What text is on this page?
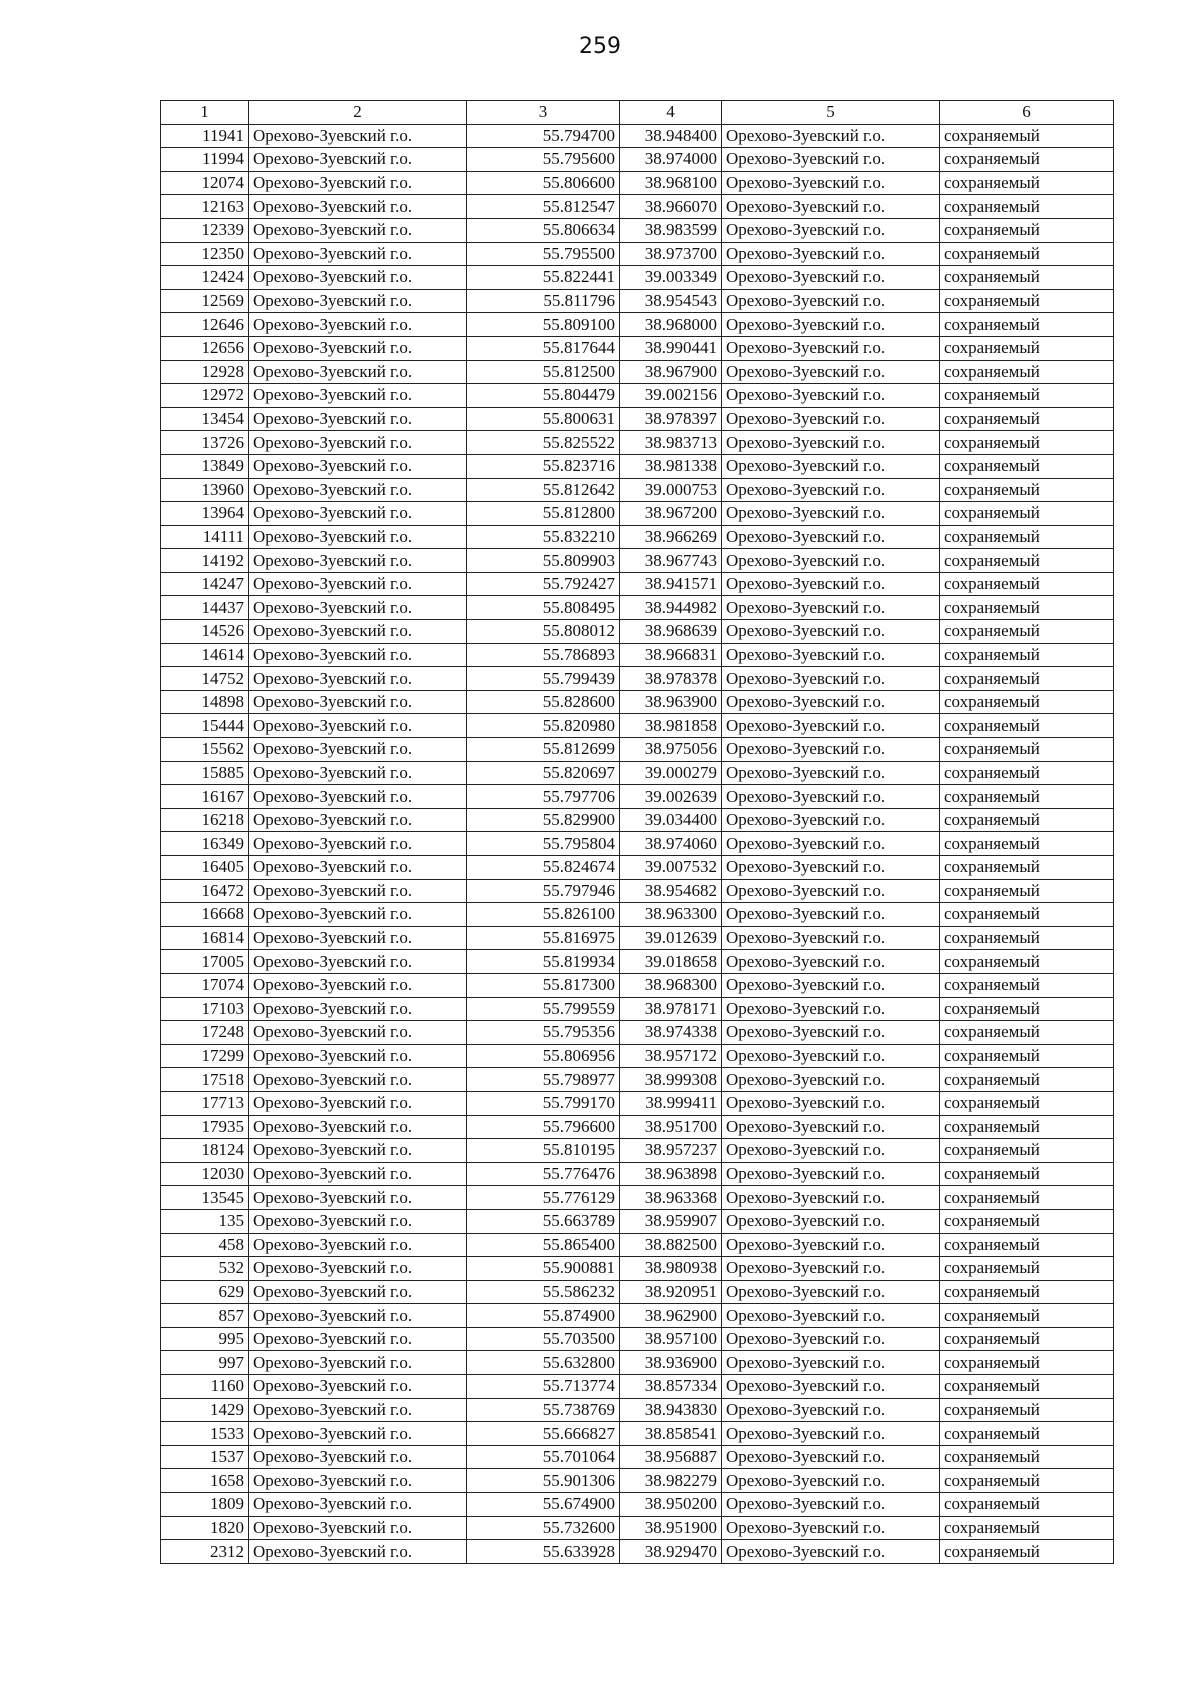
259
1	2	3	4	5	6
11941	Орехово-Зуевский г.о.	55.794700	38.948400	Орехово-Зуевский г.о.	сохраняемый
11994	Орехово-Зуевский г.о.	55.795600	38.974000	Орехово-Зуевский г.о.	сохраняемый
12074	Орехово-Зуевский г.о.	55.806600	38.968100	Орехово-Зуевский г.о.	сохраняемый
12163	Орехово-Зуевский г.о.	55.812547	38.966070	Орехово-Зуевский г.о.	сохраняемый
12339	Орехово-Зуевский г.о.	55.806634	38.983599	Орехово-Зуевский г.о.	сохраняемый
12350	Орехово-Зуевский г.о.	55.795500	38.973700	Орехово-Зуевский г.о.	сохраняемый
12424	Орехово-Зуевский г.о.	55.822441	39.003349	Орехово-Зуевский г.о.	сохраняемый
12569	Орехово-Зуевский г.о.	55.811796	38.954543	Орехово-Зуевский г.о.	сохраняемый
12646	Орехово-Зуевский г.о.	55.809100	38.968000	Орехово-Зуевский г.о.	сохраняемый
12656	Орехово-Зуевский г.о.	55.817644	38.990441	Орехово-Зуевский г.о.	сохраняемый
12928	Орехово-Зуевский г.о.	55.812500	38.967900	Орехово-Зуевский г.о.	сохраняемый
12972	Орехово-Зуевский г.о.	55.804479	39.002156	Орехово-Зуевский г.о.	сохраняемый
13454	Орехово-Зуевский г.о.	55.800631	38.978397	Орехово-Зуевский г.о.	сохраняемый
13726	Орехово-Зуевский г.о.	55.825522	38.983713	Орехово-Зуевский г.о.	сохраняемый
13849	Орехово-Зуевский г.о.	55.823716	38.981338	Орехово-Зуевский г.о.	сохраняемый
13960	Орехово-Зуевский г.о.	55.812642	39.000753	Орехово-Зуевский г.о.	сохраняемый
13964	Орехово-Зуевский г.о.	55.812800	38.967200	Орехово-Зуевский г.о.	сохраняемый
14111	Орехово-Зуевский г.о.	55.832210	38.966269	Орехово-Зуевский г.о.	сохраняемый
14192	Орехово-Зуевский г.о.	55.809903	38.967743	Орехово-Зуевский г.о.	сохраняемый
14247	Орехово-Зуевский г.о.	55.792427	38.941571	Орехово-Зуевский г.о.	сохраняемый
14437	Орехово-Зуевский г.о.	55.808495	38.944982	Орехово-Зуевский г.о.	сохраняемый
14526	Орехово-Зуевский г.о.	55.808012	38.968639	Орехово-Зуевский г.о.	сохраняемый
14614	Орехово-Зуевский г.о.	55.786893	38.966831	Орехово-Зуевский г.о.	сохраняемый
14752	Орехово-Зуевский г.о.	55.799439	38.978378	Орехово-Зуевский г.о.	сохраняемый
14898	Орехово-Зуевский г.о.	55.828600	38.963900	Орехово-Зуевский г.о.	сохраняемый
15444	Орехово-Зуевский г.о.	55.820980	38.981858	Орехово-Зуевский г.о.	сохраняемый
15562	Орехово-Зуевский г.о.	55.812699	38.975056	Орехово-Зуевский г.о.	сохраняемый
15885	Орехово-Зуевский г.о.	55.820697	39.000279	Орехово-Зуевский г.о.	сохраняемый
16167	Орехово-Зуевский г.о.	55.797706	39.002639	Орехово-Зуевский г.о.	сохраняемый
16218	Орехово-Зуевский г.о.	55.829900	39.034400	Орехово-Зуевский г.о.	сохраняемый
16349	Орехово-Зуевский г.о.	55.795804	38.974060	Орехово-Зуевский г.о.	сохраняемый
16405	Орехово-Зуевский г.о.	55.824674	39.007532	Орехово-Зуевский г.о.	сохраняемый
16472	Орехово-Зуевский г.о.	55.797946	38.954682	Орехово-Зуевский г.о.	сохраняемый
16668	Орехово-Зуевский г.о.	55.826100	38.963300	Орехово-Зуевский г.о.	сохраняемый
16814	Орехово-Зуевский г.о.	55.816975	39.012639	Орехово-Зуевский г.о.	сохраняемый
17005	Орехово-Зуевский г.о.	55.819934	39.018658	Орехово-Зуевский г.о.	сохраняемый
17074	Орехово-Зуевский г.о.	55.817300	38.968300	Орехово-Зуевский г.о.	сохраняемый
17103	Орехово-Зуевский г.о.	55.799559	38.978171	Орехово-Зуевский г.о.	сохраняемый
17248	Орехово-Зуевский г.о.	55.795356	38.974338	Орехово-Зуевский г.о.	сохраняемый
17299	Орехово-Зуевский г.о.	55.806956	38.957172	Орехово-Зуевский г.о.	сохраняемый
17518	Орехово-Зуевский г.о.	55.798977	38.999308	Орехово-Зуевский г.о.	сохраняемый
17713	Орехово-Зуевский г.о.	55.799170	38.999411	Орехово-Зуевский г.о.	сохраняемый
17935	Орехово-Зуевский г.о.	55.796600	38.951700	Орехово-Зуевский г.о.	сохраняемый
18124	Орехово-Зуевский г.о.	55.810195	38.957237	Орехово-Зуевский г.о.	сохраняемый
12030	Орехово-Зуевский г.о.	55.776476	38.963898	Орехово-Зуевский г.о.	сохраняемый
13545	Орехово-Зуевский г.о.	55.776129	38.963368	Орехово-Зуевский г.о.	сохраняемый
135	Орехово-Зуевский г.о.	55.663789	38.959907	Орехово-Зуевский г.о.	сохраняемый
458	Орехово-Зуевский г.о.	55.865400	38.882500	Орехово-Зуевский г.о.	сохраняемый
532	Орехово-Зуевский г.о.	55.900881	38.980938	Орехово-Зуевский г.о.	сохраняемый
629	Орехово-Зуевский г.о.	55.586232	38.920951	Орехово-Зуевский г.о.	сохраняемый
857	Орехово-Зуевский г.о.	55.874900	38.962900	Орехово-Зуевский г.о.	сохраняемый
995	Орехово-Зуевский г.о.	55.703500	38.957100	Орехово-Зуевский г.о.	сохраняемый
997	Орехово-Зуевский г.о.	55.632800	38.936900	Орехово-Зуевский г.о.	сохраняемый
1160	Орехово-Зуевский г.о.	55.713774	38.857334	Орехово-Зуевский г.о.	сохраняемый
1429	Орехово-Зуевский г.о.	55.738769	38.943830	Орехово-Зуевский г.о.	сохраняемый
1533	Орехово-Зуевский г.о.	55.666827	38.858541	Орехово-Зуевский г.о.	сохраняемый
1537	Орехово-Зуевский г.о.	55.701064	38.956887	Орехово-Зуевский г.о.	сохраняемый
1658	Орехово-Зуевский г.о.	55.901306	38.982279	Орехово-Зуевский г.о.	сохраняемый
1809	Орехово-Зуевский г.о.	55.674900	38.950200	Орехово-Зуевский г.о.	сохраняемый
1820	Орехово-Зуевский г.о.	55.732600	38.951900	Орехово-Зуевский г.о.	сохраняемый
2312	Орехово-Зуевский г.о.	55.633928	38.929470	Орехово-Зуевский г.о.	сохраняемый
